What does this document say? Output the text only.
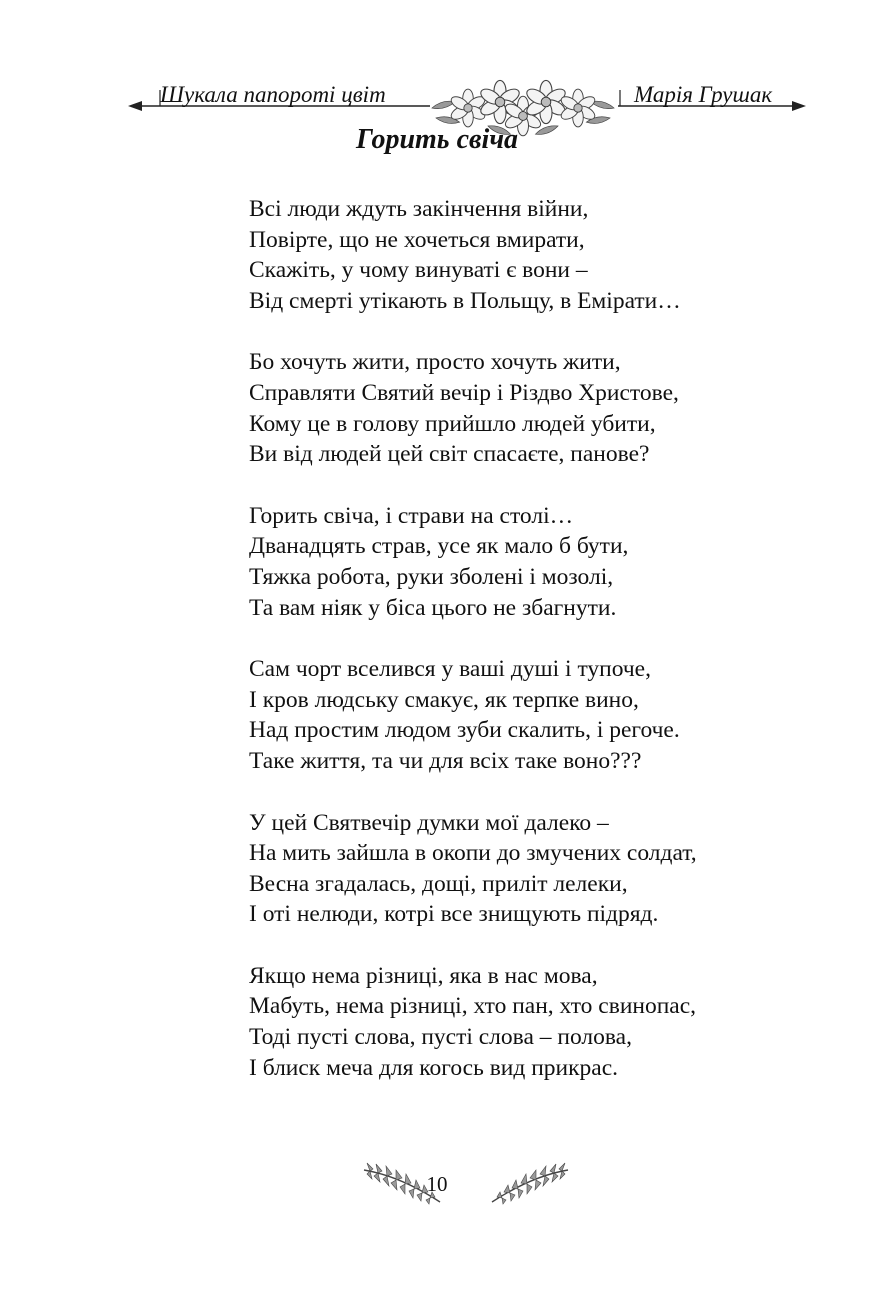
Шукала папороті цвіт	Марія Грушак
Горить свіча
Всі люди ждуть закінчення війни,
Повірте, що не хочеться вмирати,
Скажіть, у чому винуваті є вони –
Від смерті утікають в Польщу, в Емірати…
Бо хочуть жити, просто хочуть жити,
Справляти Святий вечір і Різдво Христове,
Кому це в голову прийшло людей убити,
Ви від людей цей світ спасаєте, панове?
Горить свіча, і страви на столі…
Дванадцять страв, усе як мало б бути,
Тяжка робота, руки зболені і мозолі,
Та вам ніяк у біса цього не збагнути.
Сам чорт вселився у ваші душі і тупоче,
І кров людську смакує, як терпке вино,
Над простим людом зуби скалить, і регоче.
Таке життя, та чи для всіх таке воно???
У цей Святвечір думки мої далеко –
На мить зайшла в окопи до змучених солдат,
Весна згадалась, дощі, приліт лелеки,
І оті нелюди, котрі все знищують підряд.
Якщо нема різниці, яка в нас мова,
Мабуть, нема різниці, хто пан, хто свинопас,
Тоді пусті слова, пусті слова – полова,
І блиск меча для когось вид прикрас.
10
